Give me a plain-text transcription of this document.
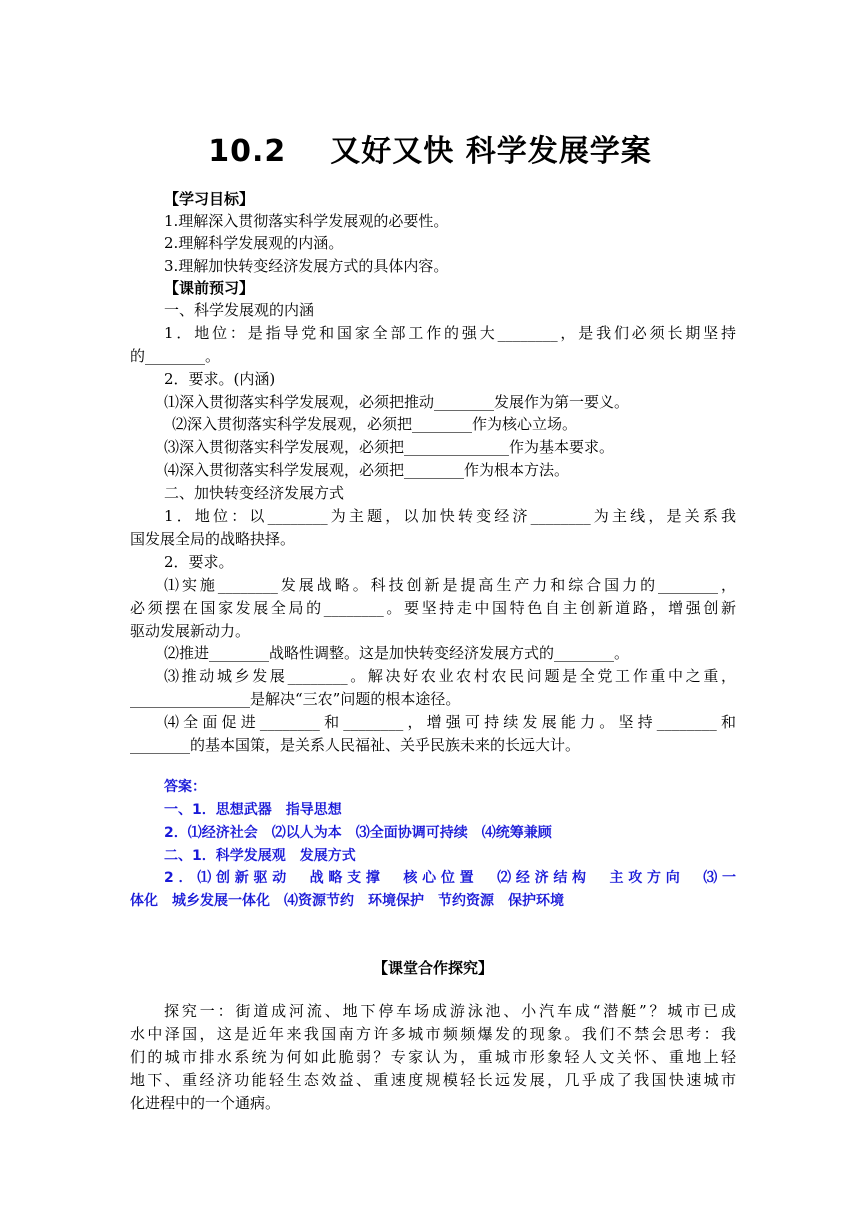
10.2 又好又快 科学发展学案
【学习目标】
1.理解深入贯彻落实科学发展观的必要性。
2.理解科学发展观的内涵。
3.理解加快转变经济发展方式的具体内容。
【课前预习】
一、科学发展观的内涵
1．地位：是指导党和国家全部工作的强大________，是我们必须长期坚持
的________。
2．要求。(内涵)
⑴深入贯彻落实科学发展观，必须把推动________发展作为第一要义。
⑵深入贯彻落实科学发展观，必须把________作为核心立场。
⑶深入贯彻落实科学发展观，必须把______________作为基本要求。
⑷深入贯彻落实科学发展观，必须把________作为根本方法。
二、加快转变经济发展方式
1．地位：以________为主题，以加快转变经济________为主线，是关系我
国发展全局的战略抉择。
2．要求。
⑴实施________发展战略。科技创新是提高生产力和综合国力的________，
必须摆在国家发展全局的________。要坚持走中国特色自主创新道路，增强创新
驱动发展新动力。
⑵推进________战略性调整。这是加快转变经济发展方式的________。
⑶推动城乡发展________。解决好农业农村农民问题是全党工作重中之重，
________________是解决“三农”问题的根本途径。
⑷全面促进________和________，增强可持续发展能力。坚持________和
________的基本国策，是关系人民福祉、关乎民族未来的长远大计。
答案：
一、1．思想武器　指导思想
2．⑴经济社会　⑵以人为本　⑶全面协调可持续　⑷统筹兼顾
二、1．科学发展观　发展方式
2．⑴创新驱动　战略支撑　核心位置　⑵经济结构　主攻方向　⑶一
体化　城乡发展一体化　⑷资源节约　环境保护　节约资源　保护环境
【课堂合作探究】
探究一：街道成河流、地下停车场成游泳池、小汽车成“潜艇”？城市已成
水中泽国，这是近年来我国南方许多城市频频爆发的现象。我们不禁会思考：我
们的城市排水系统为何如此脆弱？专家认为，重城市形象轻人文关怀、重地上轻
地下、重经济功能轻生态效益、重速度规模轻长远发展，几乎成了我国快速城市
化进程中的一个通病。
